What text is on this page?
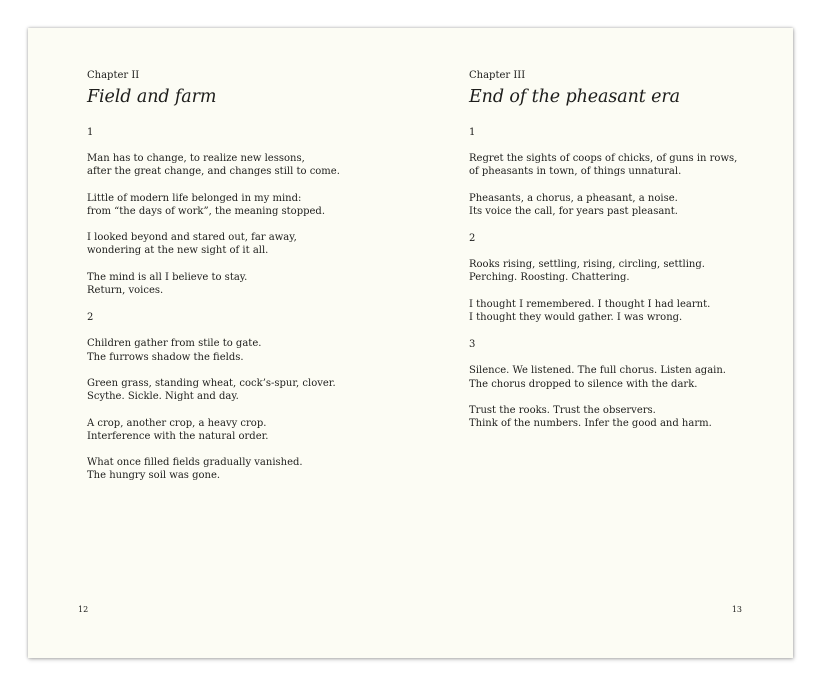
Chapter II

Field and farm

1

Man has to change, to realize new lessons,

after the great change, and changes still to come.

Little of modern life belonged in my mind:

from “the days of work”, the meaning stopped.

I looked beyond and stared out, far away,

wondering at the new sight of it all.

The mind is all I believe to stay.

Return, voices.

2

Children gather from stile to gate.

The furrows shadow the fields.

Green grass, standing wheat, cock’s-spur, clover.

Scythe. Sickle. Night and day.

A crop, another crop, a heavy crop.

Interference with the natural order.

What once filled fields gradually vanished.

The hungry soil was gone.

12

Chapter III

End of the pheasant era

1

Regret the sights of coops of chicks, of guns in rows,

of pheasants in town, of things unnatural.

Pheasants, a chorus, a pheasant, a noise.

Its voice the call, for years past pleasant.

2

Rooks rising, settling, rising, circling, settling.

Perching. Roosting. Chattering.

I thought I remembered. I thought I had learnt.

I thought they would gather. I was wrong.

3

Silence. We listened. The full chorus. Listen again.

The chorus dropped to silence with the dark.

Trust the rooks. Trust the observers.

Think of the numbers. Infer the good and harm.

13
